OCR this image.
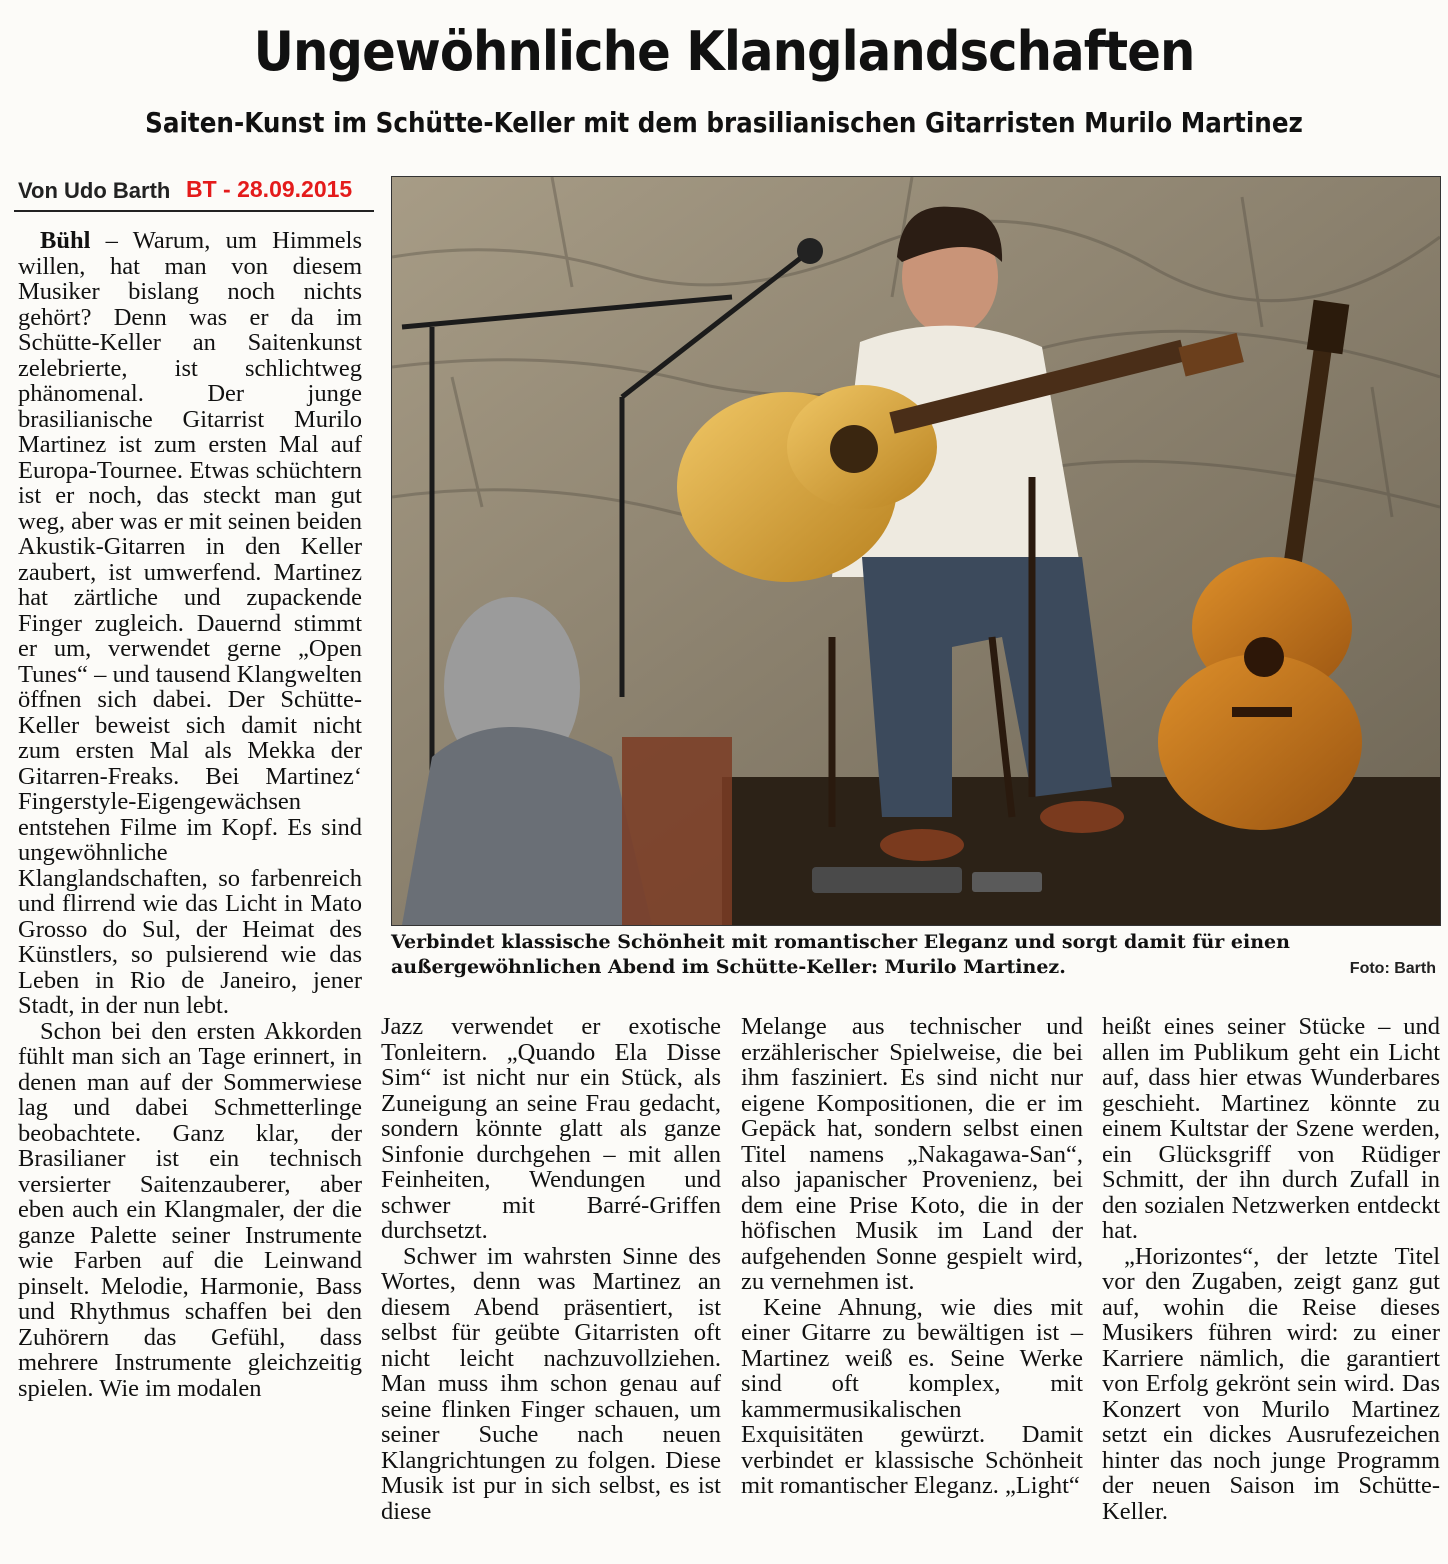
Ungewöhnliche Klanglandschaften
Saiten-Kunst im Schütte-Keller mit dem brasilianischen Gitarristen Murilo Martinez
Von Udo Barth BT - 28.09.2015
Verbindet klassische Schönheit mit romantischer Eleganz und sorgt damit für einen außergewöhnlichen Abend im Schütte-Keller: Murilo Martinez.	Foto: Barth

Bühl – Warum, um Himmels willen, hat man von diesem Musiker bislang noch nichts gehört? Denn was er da im Schütte-Keller an Saitenkunst zelebrierte, ist schlichtweg phänomenal. Der junge brasilianische Gitarrist Murilo Martinez ist zum ersten Mal auf Europa-Tournee. Etwas schüchtern ist er noch, das steckt man gut weg, aber was er mit seinen beiden Akustik-Gitarren in den Keller zaubert, ist umwerfend. Martinez hat zärtliche und zupackende Finger zugleich. Dauernd stimmt er um, verwendet gerne „Open Tunes“ – und tausend Klangwelten öffnen sich dabei. Der Schütte-Keller beweist sich damit nicht zum ersten Mal als Mekka der Gitarren-Freaks. Bei Martinez‘ Fingerstyle-Eigengewächsen entstehen Filme im Kopf. Es sind ungewöhnliche Klanglandschaften, so farbenreich und flirrend wie das Licht in Mato Grosso do Sul, der Heimat des Künstlers, so pulsierend wie das Leben in Rio de Janeiro, jener Stadt, in der nun lebt.

Schon bei den ersten Akkorden fühlt man sich an Tage erinnert, in denen man auf der Sommerwiese lag und dabei Schmetterlinge beobachtete. Ganz klar, der Brasilianer ist ein technisch versierter Saitenzauberer, aber eben auch ein Klangmaler, der die ganze Palette seiner Instrumente wie Farben auf die Leinwand pinselt. Melodie, Harmonie, Bass und Rhythmus schaffen bei den Zuhörern das Gefühl, dass mehrere Instrumente gleichzeitig spielen. Wie im modalen

Jazz verwendet er exotische Tonleitern. „Quando Ela Disse Sim“ ist nicht nur ein Stück, als Zuneigung an seine Frau gedacht, sondern könnte glatt als ganze Sinfonie durchgehen – mit allen Feinheiten, Wendungen und schwer mit Barré-Griffen durchsetzt.

Schwer im wahrsten Sinne des Wortes, denn was Martinez an diesem Abend präsentiert, ist selbst für geübte Gitarristen oft nicht leicht nachzuvollziehen. Man muss ihm schon genau auf seine flinken Finger schauen, um seiner Suche nach neuen Klangrichtungen zu folgen. Diese Musik ist pur in sich selbst, es ist diese

Melange aus technischer und erzählerischer Spielweise, die bei ihm fasziniert. Es sind nicht nur eigene Kompositionen, die er im Gepäck hat, sondern selbst einen Titel namens „Nakagawa-San“, also japanischer Provenienz, bei dem eine Prise Koto, die in der höfischen Musik im Land der aufgehenden Sonne gespielt wird, zu vernehmen ist.

Keine Ahnung, wie dies mit einer Gitarre zu bewältigen ist – Martinez weiß es. Seine Werke sind oft komplex, mit kammermusikalischen Exquisitäten gewürzt. Damit verbindet er klassische Schönheit mit romantischer Eleganz. „Light“

heißt eines seiner Stücke – und allen im Publikum geht ein Licht auf, dass hier etwas Wunderbares geschieht. Martinez könnte zu einem Kultstar der Szene werden, ein Glücksgriff von Rüdiger Schmitt, der ihn durch Zufall in den sozialen Netzwerken entdeckt hat.

„Horizontes“, der letzte Titel vor den Zugaben, zeigt ganz gut auf, wohin die Reise dieses Musikers führen wird: zu einer Karriere nämlich, die garantiert von Erfolg gekrönt sein wird. Das Konzert von Murilo Martinez setzt ein dickes Ausrufezeichen hinter das noch junge Programm der neuen Saison im Schütte-Keller.
